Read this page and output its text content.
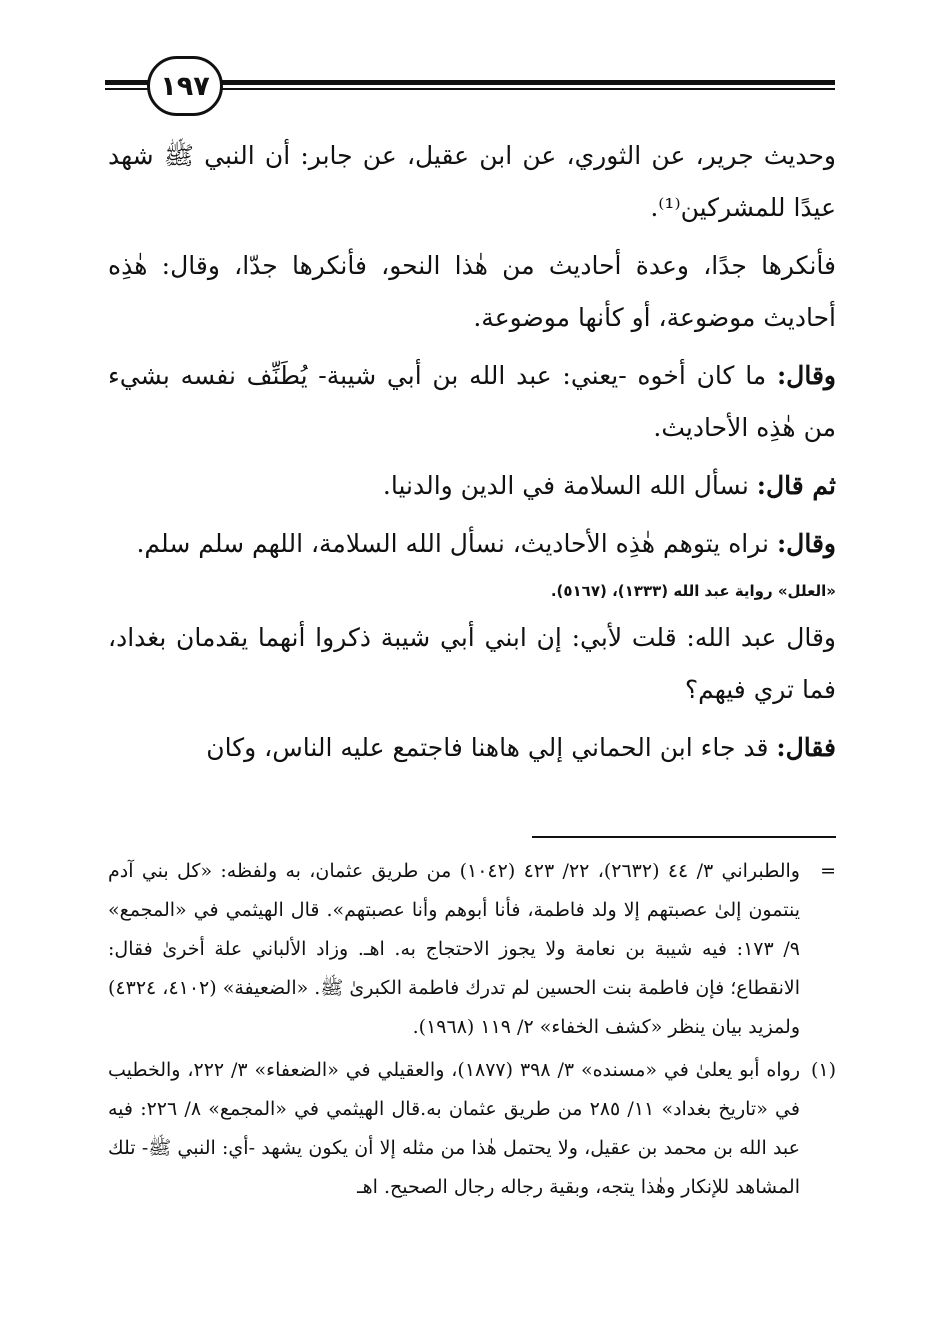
١٩٧

وحديث جرير، عن الثوري، عن ابن عقيل، عن جابر: أن النبي ﷺ شهد عيدًا للمشركين⁽¹⁾.

فأنكرها جدًا، وعدة أحاديث من هٰذا النحو، فأنكرها جدّا، وقال: هٰذِه أحاديث موضوعة، أو كأنها موضوعة.

وقال: ما كان أخوه -يعني: عبد الله بن أبي شيبة- يُطَنِّف نفسه بشيء من هٰذِه الأحاديث.

ثم قال: نسأل الله السلامة في الدين والدنيا.

وقال: نراه يتوهم هٰذِه الأحاديث، نسأل الله السلامة، اللهم سلم سلم.

«العلل» رواية عبد الله (١٣٣٣)، (٥١٦٧).

وقال عبد الله: قلت لأبي: إن ابني أبي شيبة ذكروا أنهما يقدمان بغداد، فما تري فيهم؟

فقال: قد جاء ابن الحماني إلي هاهنا فاجتمع عليه الناس، وكان

=
والطبراني ٣/ ٤٤ (٢٦٣٢)، ٢٢/ ٤٢٣ (١٠٤٢) من طريق عثمان، به ولفظه: «كل بني آدم ينتمون إلىٰ عصبتهم إلا ولد فاطمة، فأنا أبوهم وأنا عصبتهم». قال الهيثمي في «المجمع» ٩/ ١٧٣: فيه شيبة بن نعامة ولا يجوز الاحتجاج به. اهـ. وزاد الألباني علة أخرىٰ فقال: الانقطاع؛ فإن فاطمة بنت الحسين لم تدرك فاطمة الكبرىٰ ﷺ. «الضعيفة» (٤١٠٢، ٤٣٢٤) ولمزيد بيان ينظر «كشف الخفاء» ٢/ ١١٩ (١٩٦٨).
(١)
رواه أبو يعلىٰ في «مسنده» ٣/ ٣٩٨ (١٨٧٧)، والعقيلي في «الضعفاء» ٣/ ٢٢٢، والخطيب في «تاريخ بغداد» ١١/ ٢٨٥ من طريق عثمان به.قال الهيثمي في «المجمع» ٨/ ٢٢٦: فيه عبد الله بن محمد بن عقيل، ولا يحتمل هٰذا من مثله إلا أن يكون يشهد -أي: النبي ﷺ- تلك المشاهد للإنكار وهٰذا يتجه، وبقية رجاله رجال الصحيح. اهـ
